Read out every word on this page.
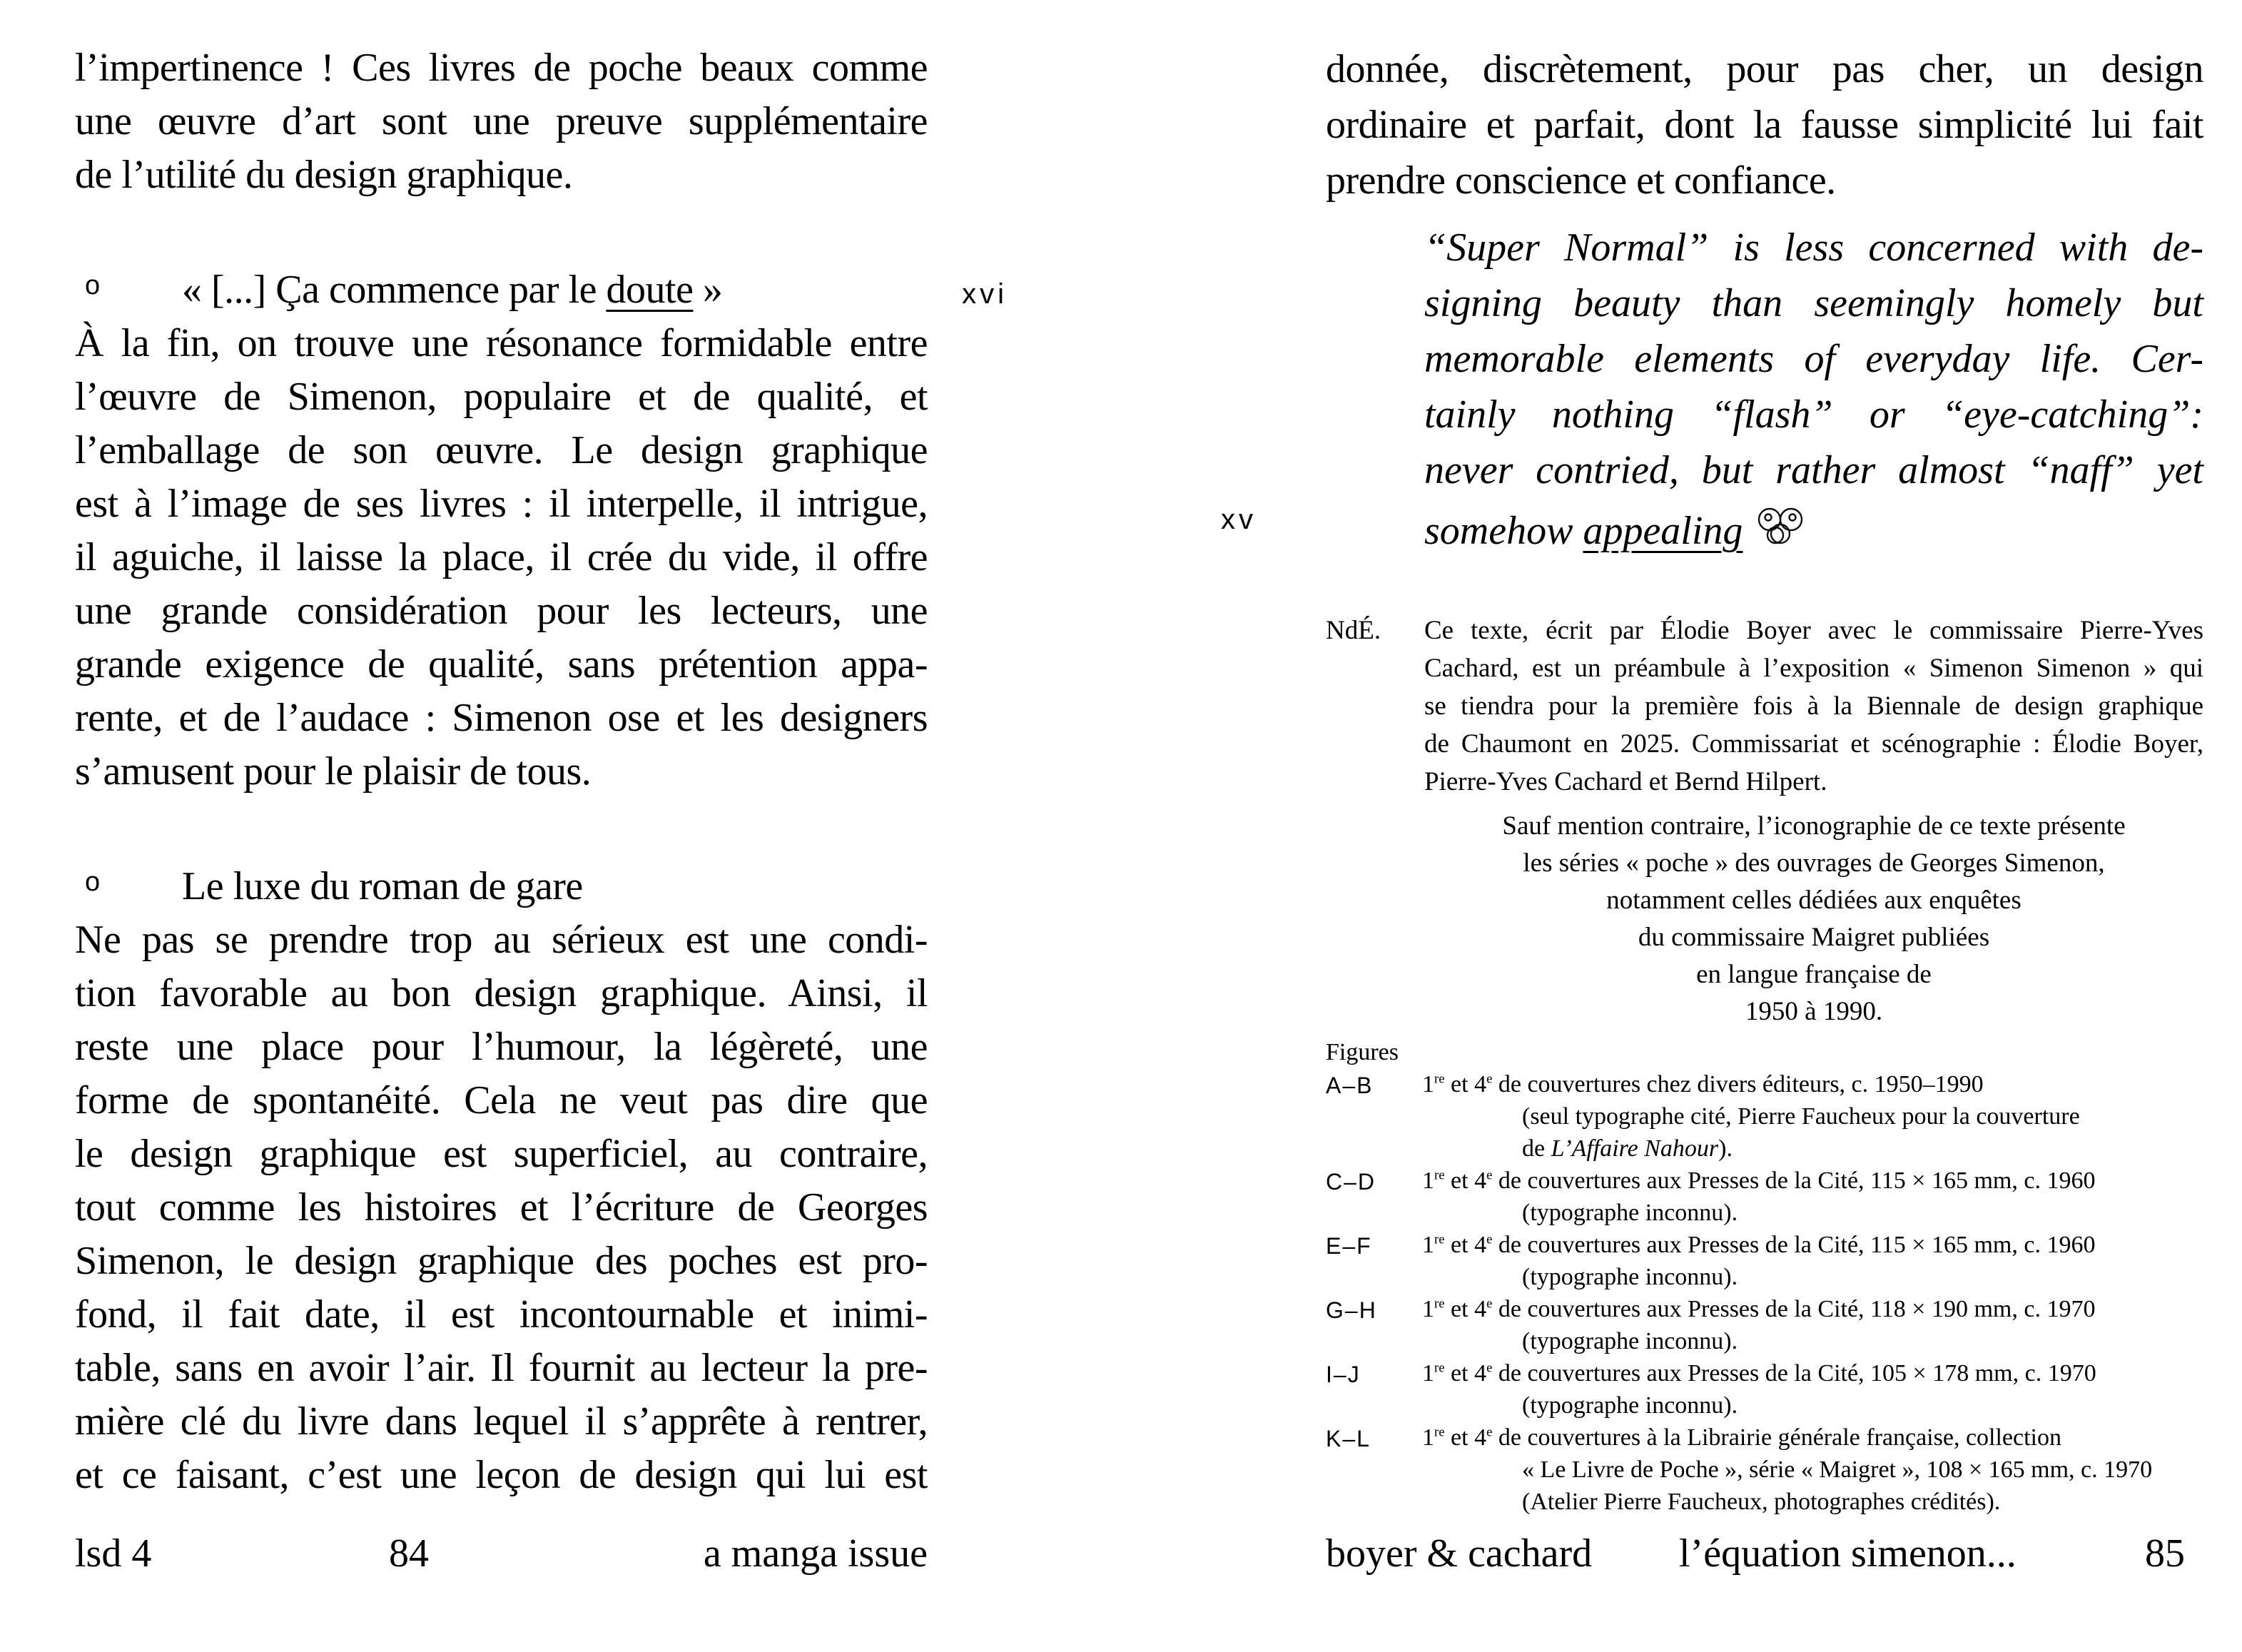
l’impertinence ! Ces livres de poche beaux comme
une œuvre d’art sont une preuve supplémentaire
de l’utilité du design graphique.
o « [...] Ça commence par le doute »	xvi
À la fin, on trouve une résonance formidable entre
l’œuvre de Simenon, populaire et de qualité, et
l’emballage de son œuvre. Le design graphique
est à l’image de ses livres : il interpelle, il intrigue,
il aguiche, il laisse la place, il crée du vide, il offre
une grande considération pour les lecteurs, une
grande exigence de qualité, sans prétention appa-
rente, et de l’audace : Simenon ose et les designers
s’amusent pour le plaisir de tous.
o Le luxe du roman de gare
Ne pas se prendre trop au sérieux est une condi-
tion favorable au bon design graphique. Ainsi, il
reste une place pour l’humour, la légèreté, une
forme de spontanéité. Cela ne veut pas dire que
le design graphique est superficiel, au contraire,
tout comme les histoires et l’écriture de Georges
Simenon, le design graphique des poches est pro-
fond, il fait date, il est incontournable et inimi-
table, sans en avoir l’air. Il fournit au lecteur la pre-
mière clé du livre dans lequel il s’apprête à rentrer,
et ce faisant, c’est une leçon de design qui lui est
lsd 4	84	a manga issue
donnée, discrètement, pour pas cher, un design
ordinaire et parfait, dont la fausse simplicité lui fait
prendre conscience et confiance.
“Super Normal” is less concerned with de-
signing beauty than seemingly homely but
memorable elements of everyday life. Cer-
tainly nothing “flash” or “eye-catching”:
never contried, but rather almost “naff” yet
somehow appealing
xv
NdÉ. Ce texte, écrit par Élodie Boyer avec le commissaire Pierre-Yves
Cachard, est un préambule à l’exposition « Simenon Simenon » qui
se tiendra pour la première fois à la Biennale de design graphique
de Chaumont en 2025. Commissariat et scénographie : Élodie Boyer,
Pierre-Yves Cachard et Bernd Hilpert.
Sauf mention contraire, l’iconographie de ce texte présente
les séries « poche » des ouvrages de Georges Simenon,
notamment celles dédiées aux enquêtes
du commissaire Maigret publiées
en langue française de
1950 à 1990.
Figures
A–B 1re et 4e de couvertures chez divers éditeurs, c. 1950–1990
(seul typographe cité, Pierre Faucheux pour la couverture
de L’Affaire Nahour).
C–D 1re et 4e de couvertures aux Presses de la Cité, 115 × 165 mm, c. 1960
(typographe inconnu).
E–F 1re et 4e de couvertures aux Presses de la Cité, 115 × 165 mm, c. 1960
(typographe inconnu).
G–H 1re et 4e de couvertures aux Presses de la Cité, 118 × 190 mm, c. 1970
(typographe inconnu).
I–J	1re et 4e de couvertures aux Presses de la Cité, 105 × 178 mm, c. 1970
(typographe inconnu).
K–L 1re et 4e de couvertures à la Librairie générale française, collection
« Le Livre de Poche », série « Maigret », 108 × 165 mm, c. 1970
(Atelier Pierre Faucheux, photographes crédités).
boyer & cachard l’équation simenon...	85
